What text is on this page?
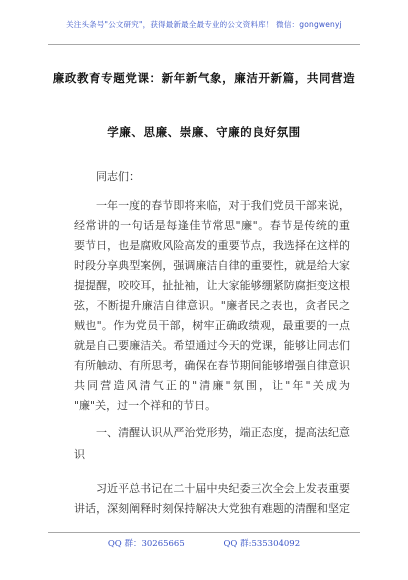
关注头条号"公文研究"，获得最新最全最专业的公文资料库！ 微信：gongwenyj
廉政教育专题党课：新年新气象，廉洁开新篇，共同营造
学廉、思廉、崇廉、守廉的良好氛围
同志们：
一年一度的春节即将来临，对于我们党员干部来说，
经常讲的一句话是每逢佳节常思"廉"。春节是传统的重
要节日，也是腐败风险高发的重要节点，我选择在这样的
时段分享典型案例，强调廉洁自律的重要性，就是给大家
提提醒，咬咬耳，扯扯袖，让大家能够绷紧防腐拒变这根
弦，不断提升廉洁自律意识。"廉者民之表也，贪者民之
贼也"。作为党员干部，树牢正确政绩观，最重要的一点
就是自己要廉洁关。希望通过今天的党课，能够让同志们
有所触动、有所思考，确保在春节期间能够增强自律意识
共同营造风清气正的"清廉"氛围，让"年"关成为
"廉"关，过一个祥和的节日。
一、清醒认识从严治党形势，端正态度，提高法纪意
识
习近平总书记在二十届中央纪委三次全会上发表重要
讲话，深刻阐释时刻保持解决大党独有难题的清醒和坚定
QQ 群：30265665	QQ 群:535304092
